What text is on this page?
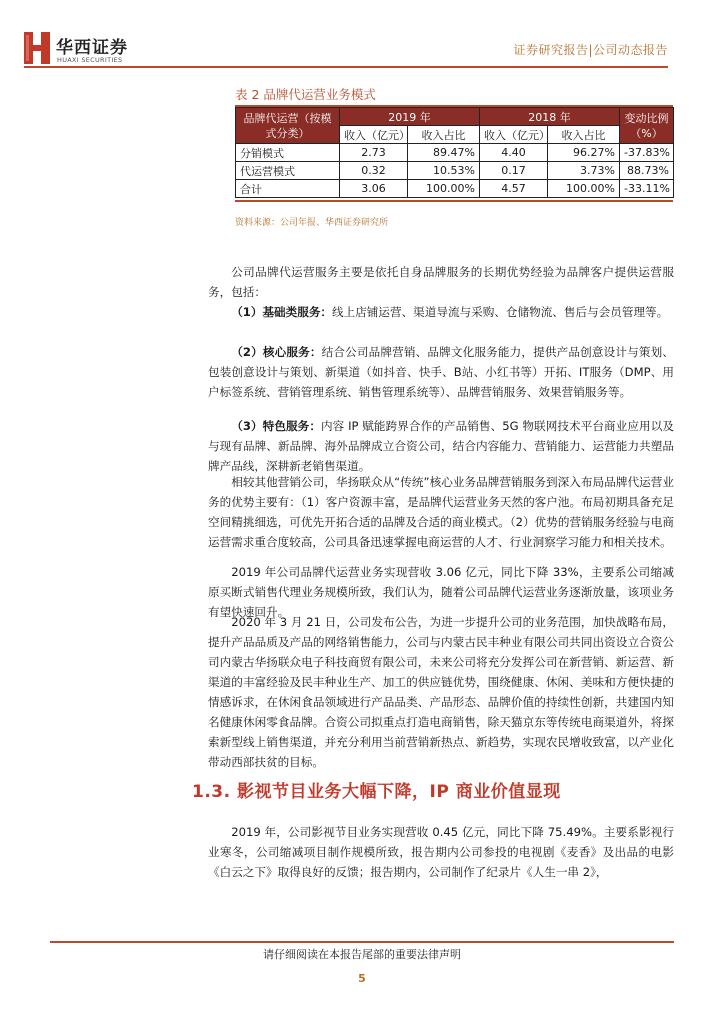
华西证券
HUAXI SECURITIES
证券研究报告|公司动态报告
表 2 品牌代运营业务模式
品牌代运营（按模式分类）	2019 年		2018 年		变动比例（%）
	收入（亿元）	收入占比	收入（亿元）	收入占比	
分销模式	2.73	89.47%	4.40	96.27%	-37.83%
代运营模式	0.32	10.53%	0.17	3.73%	88.73%
合计	3.06	100.00%	4.57	100.00%	-33.11%
资料来源：公司年报、华西证券研究所
公司品牌代运营服务主要是依托自身品牌服务的长期优势经验为品牌客户提供运营服务，包括：
（1）基础类服务：线上店铺运营、渠道导流与采购、仓储物流、售后与会员管理等。
（2）核心服务：结合公司品牌营销、品牌文化服务能力，提供产品创意设计与策划、包装创意设计与策划、新渠道（如抖音、快手、B站、小红书等）开拓、IT服务（DMP、用户标签系统、营销管理系统、销售管理系统等）、品牌营销服务、效果营销服务等。
（3）特色服务：内容 IP 赋能跨界合作的产品销售、5G 物联网技术平台商业应用以及与现有品牌、新品牌、海外品牌成立合资公司，结合内容能力、营销能力、运营能力共塑品牌产品线，深耕新老销售渠道。
相较其他营销公司，华扬联众从“传统”核心业务品牌营销服务到深入布局品牌代运营业务的优势主要有：（1）客户资源丰富，是品牌代运营业务天然的客户池。布局初期具备充足空间精挑细选，可优先开拓合适的品牌及合适的商业模式。（2）优势的营销服务经验与电商运营需求重合度较高，公司具备迅速掌握电商运营的人才、行业洞察学习能力和相关技术。
2019 年公司品牌代运营业务实现营收 3.06 亿元，同比下降 33%，主要系公司缩减原买断式销售代理业务规模所致，我们认为，随着公司品牌代运营业务逐渐放量，该项业务有望快速回升。
2020 年 3 月 21 日，公司发布公告，为进一步提升公司的业务范围，加快战略布局，提升产品品质及产品的网络销售能力，公司与内蒙古民丰种业有限公司共同出资设立合资公司内蒙古华扬联众电子科技商贸有限公司，未来公司将充分发挥公司在新营销、新运营、新渠道的丰富经验及民丰种业生产、加工的供应链优势，围绕健康、休闲、美味和方便快捷的情感诉求，在休闲食品领域进行产品品类、产品形态、品牌价值的持续性创新，共建国内知名健康休闲零食品牌。合资公司拟重点打造电商销售，除天猫京东等传统电商渠道外，将探索新型线上销售渠道，并充分利用当前营销新热点、新趋势，实现农民增收致富，以产业化带动西部扶贫的目标。
1.3. 影视节目业务大幅下降，IP 商业价值显现
2019 年，公司影视节目业务实现营收 0.45 亿元，同比下降 75.49%。主要系影视行业寒冬，公司缩减项目制作规模所致，报告期内公司参投的电视剧《麦香》及出品的电影《白云之下》取得良好的反馈；报告期内，公司制作了纪录片《人生一串 2》，
请仔细阅读在本报告尾部的重要法律声明
5
